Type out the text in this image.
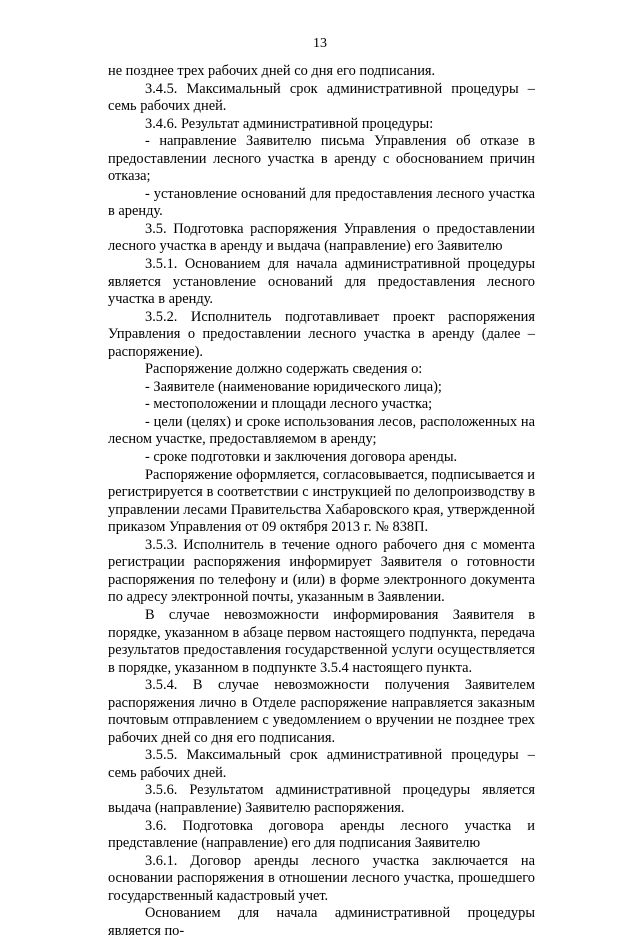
13

не позднее трех рабочих дней со дня его подписания.

3.4.5. Максимальный срок административной процедуры – семь рабочих дней.

3.4.6. Результат административной процедуры:

- направление Заявителю письма Управления об отказе в предоставлении лесного участка в аренду с обоснованием причин отказа;

- установление оснований для предоставления лесного участка в аренду.

3.5. Подготовка распоряжения Управления о предоставлении лесного участка в аренду и выдача (направление) его Заявителю

3.5.1. Основанием для начала административной процедуры является установление оснований для предоставления лесного участка в аренду.

3.5.2. Исполнитель подготавливает проект распоряжения Управления о предоставлении лесного участка в аренду (далее – распоряжение).

Распоряжение должно содержать сведения о:

- Заявителе (наименование юридического лица);

- местоположении и площади лесного участка;

- цели (целях) и сроке использования лесов, расположенных на лесном участке, предоставляемом в аренду;

- сроке подготовки и заключения договора аренды.

Распоряжение оформляется, согласовывается, подписывается и регистрируется в соответствии с инструкцией по делопроизводству в управлении лесами Правительства Хабаровского края, утвержденной приказом Управления от 09 октября 2013 г. № 838П.

3.5.3. Исполнитель в течение одного рабочего дня с момента регистрации распоряжения информирует Заявителя о готовности распоряжения по телефону и (или) в форме электронного документа по адресу электронной почты, указанным в Заявлении.

В случае невозможности информирования Заявителя в порядке, указанном в абзаце первом настоящего подпункта, передача результатов предоставления государственной услуги осуществляется в порядке, указанном в подпункте 3.5.4 настоящего пункта.

3.5.4. В случае невозможности получения Заявителем распоряжения лично в Отделе распоряжение направляется заказным почтовым отправлением с уведомлением о вручении не позднее трех рабочих дней со дня его подписания.

3.5.5. Максимальный срок административной процедуры – семь рабочих дней.

3.5.6. Результатом административной процедуры является выдача (направление) Заявителю распоряжения.

3.6. Подготовка договора аренды лесного участка и представление (направление) его для подписания Заявителю

3.6.1. Договор аренды лесного участка заключается на основании распоряжения в отношении лесного участка, прошедшего государственный кадастровый учет.

Основанием для начала административной процедуры является по-
